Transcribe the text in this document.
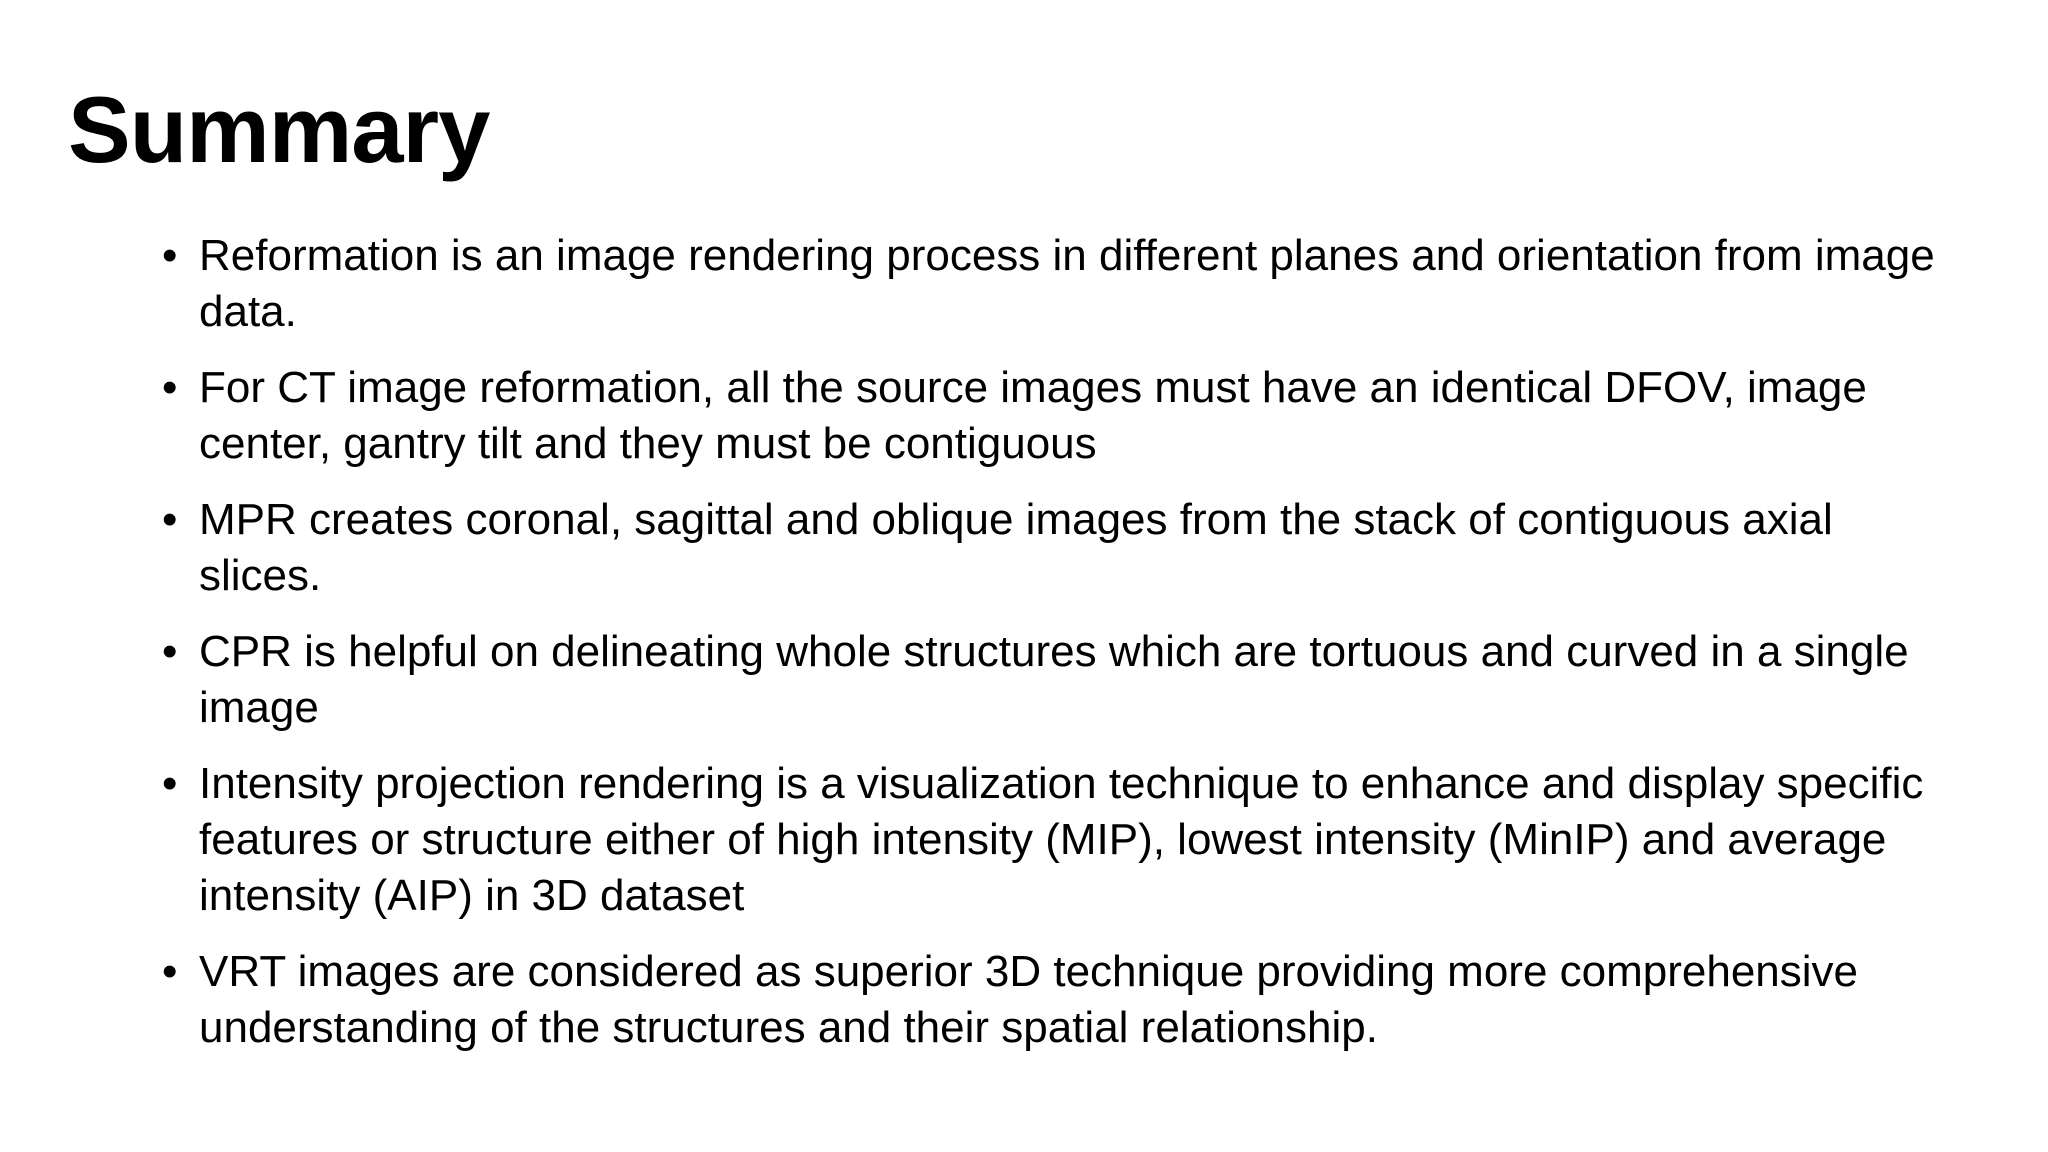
Summary
• Reformation is an image rendering process in different planes and orientation from image data.
• For CT image reformation, all the source images must have an identical DFOV, image center, gantry tilt and they must be contiguous
• MPR creates coronal, sagittal and oblique images from the stack of contiguous axial slices.
• CPR is helpful on delineating whole structures which are tortuous and curved in a single image
• Intensity projection rendering is a visualization technique to enhance and display specific features or structure either of high intensity (MIP), lowest intensity (MinIP) and average intensity (AIP) in 3D dataset
• VRT images are considered as superior 3D technique providing more comprehensive understanding of the structures and their spatial relationship.
